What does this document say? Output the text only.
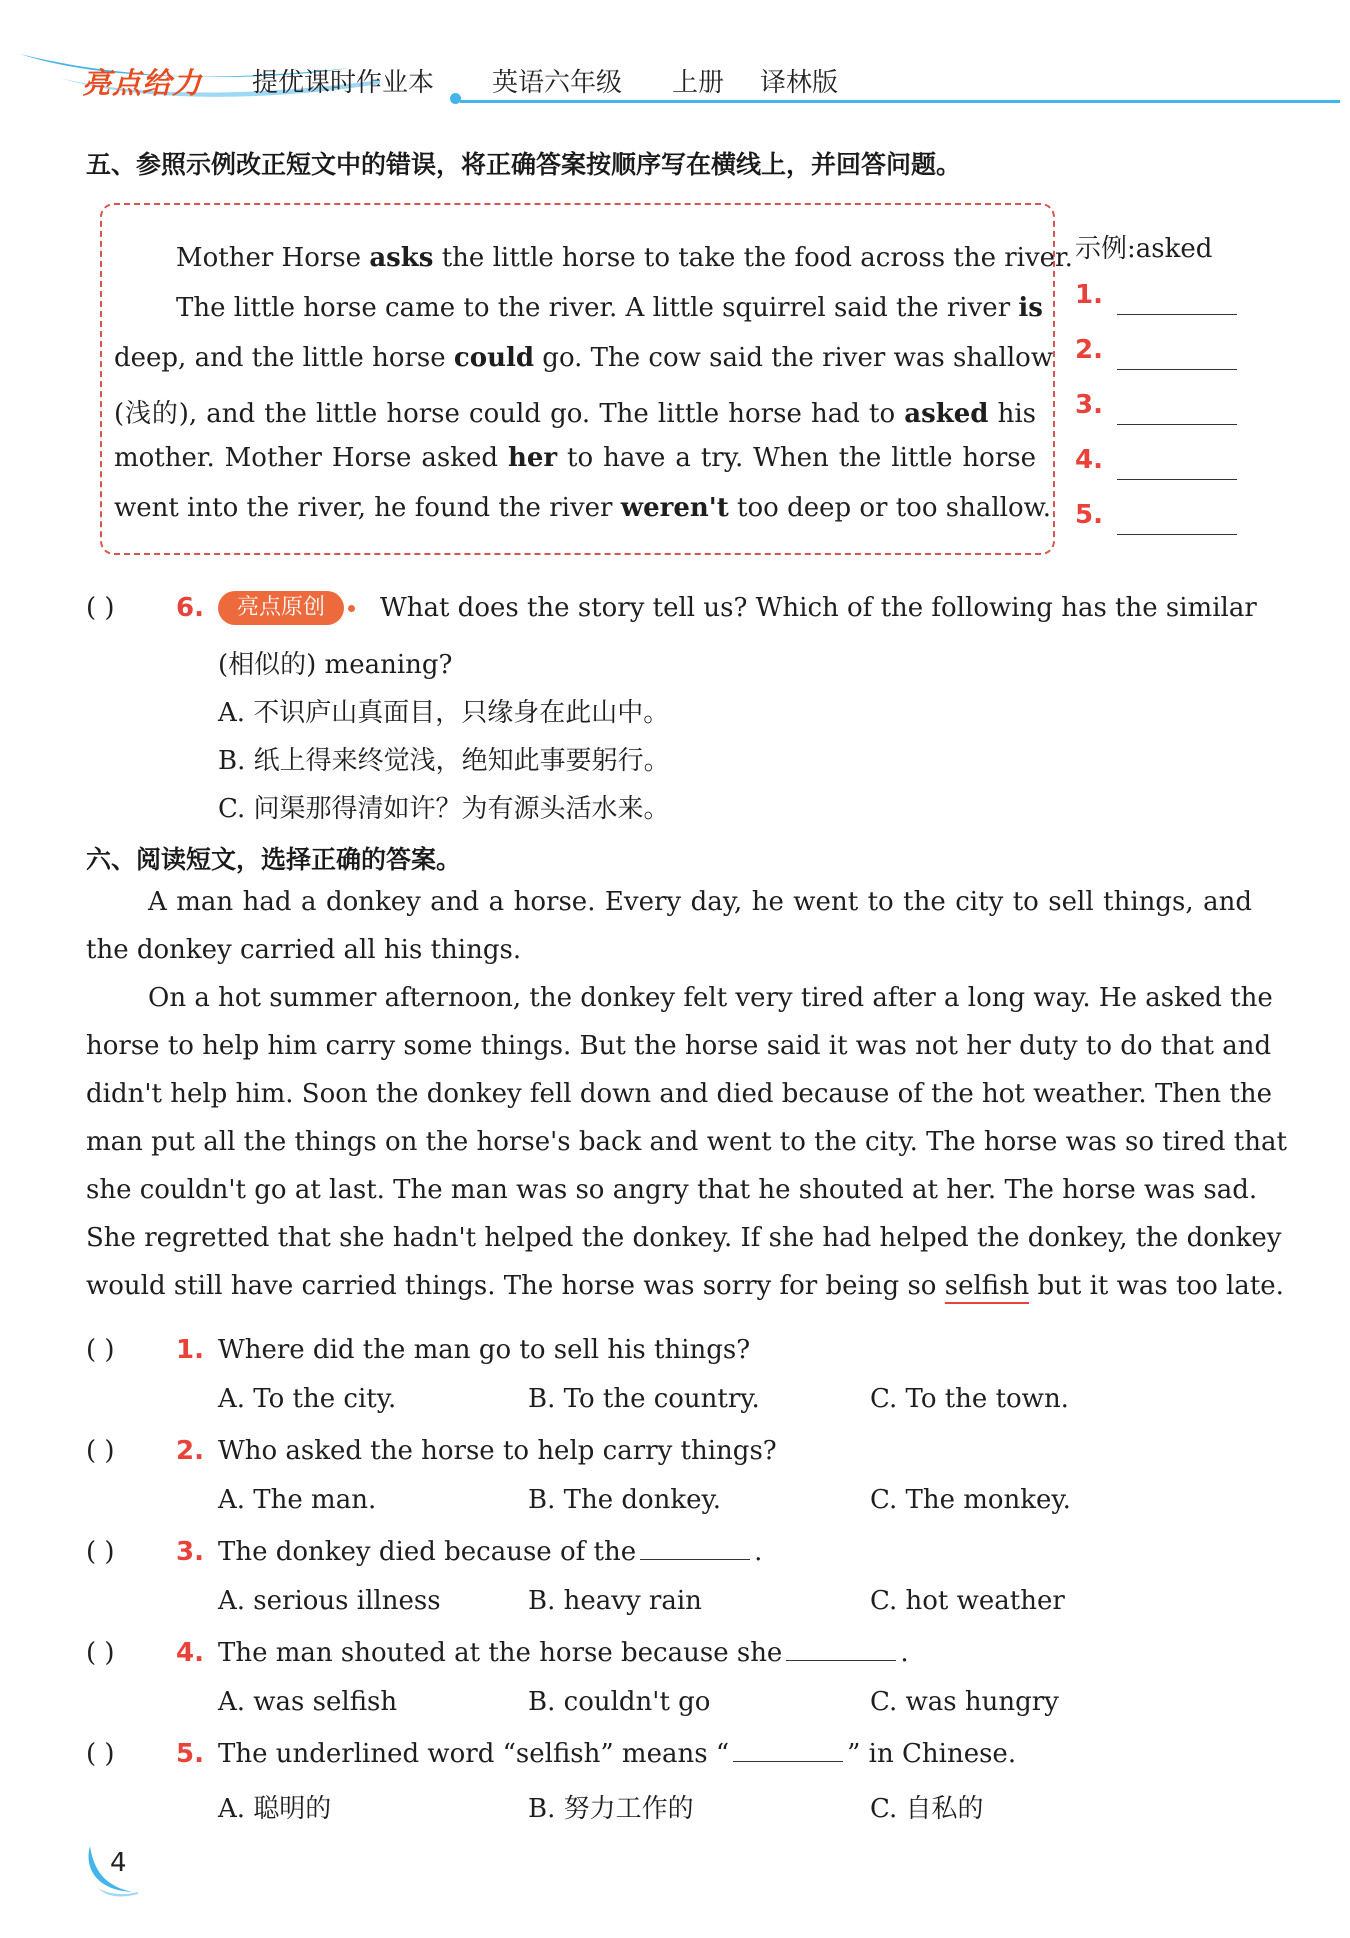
亮点给力 提优课时作业本 英语六年级 上册 译林版
五、参照示例改正短文中的错误，将正确答案按顺序写在横线上，并回答问题。
Mother Horse asks the little horse to take the food across the river.
The little horse came to the river. A little squirrel said the river is
deep, and the little horse could go. The cow said the river was shallow
(浅的), and the little horse could go. The little horse had to asked his
mother. Mother Horse asked her to have a try. When the little horse
went into the river, he found the river weren't too deep or too shallow.
示例:asked
1.
2.
3.
4.
5.
( ) 6.	亮点原创	What does the story tell us? Which of the following has the similar
(相似的) meaning?
A. 不识庐山真面目，只缘身在此山中。
B. 纸上得来终觉浅，绝知此事要躬行。
C. 问渠那得清如许？为有源头活水来。
六、阅读短文，选择正确的答案。
A man had a donkey and a horse. Every day, he went to the city to sell things, and
the donkey carried all his things.
On a hot summer afternoon, the donkey felt very tired after a long way. He asked the
horse to help him carry some things. But the horse said it was not her duty to do that and
didn't help him. Soon the donkey fell down and died because of the hot weather. Then the
man put all the things on the horse's back and went to the city. The horse was so tired that
she couldn't go at last. The man was so angry that he shouted at her. The horse was sad.
She regretted that she hadn't helped the donkey. If she had helped the donkey, the donkey
would still have carried things. The horse was sorry for being so selfish but it was too late.
( ) 1. Where did the man go to sell his things?
A. To the city.	B. To the country.	C. To the town.
( ) 2. Who asked the horse to help carry things?
A. The man.	B. The donkey.	C. The monkey.
( ) 3. The donkey died because of the	.
A. serious illness	B. heavy rain	C. hot weather
( ) 4. The man shouted at the horse because she	.
A. was selfish	B. couldn't go	C. was hungry
( ) 5. The underlined word “selfish” means “	” in Chinese.
A. 聪明的	B. 努力工作的	C. 自私的
4
